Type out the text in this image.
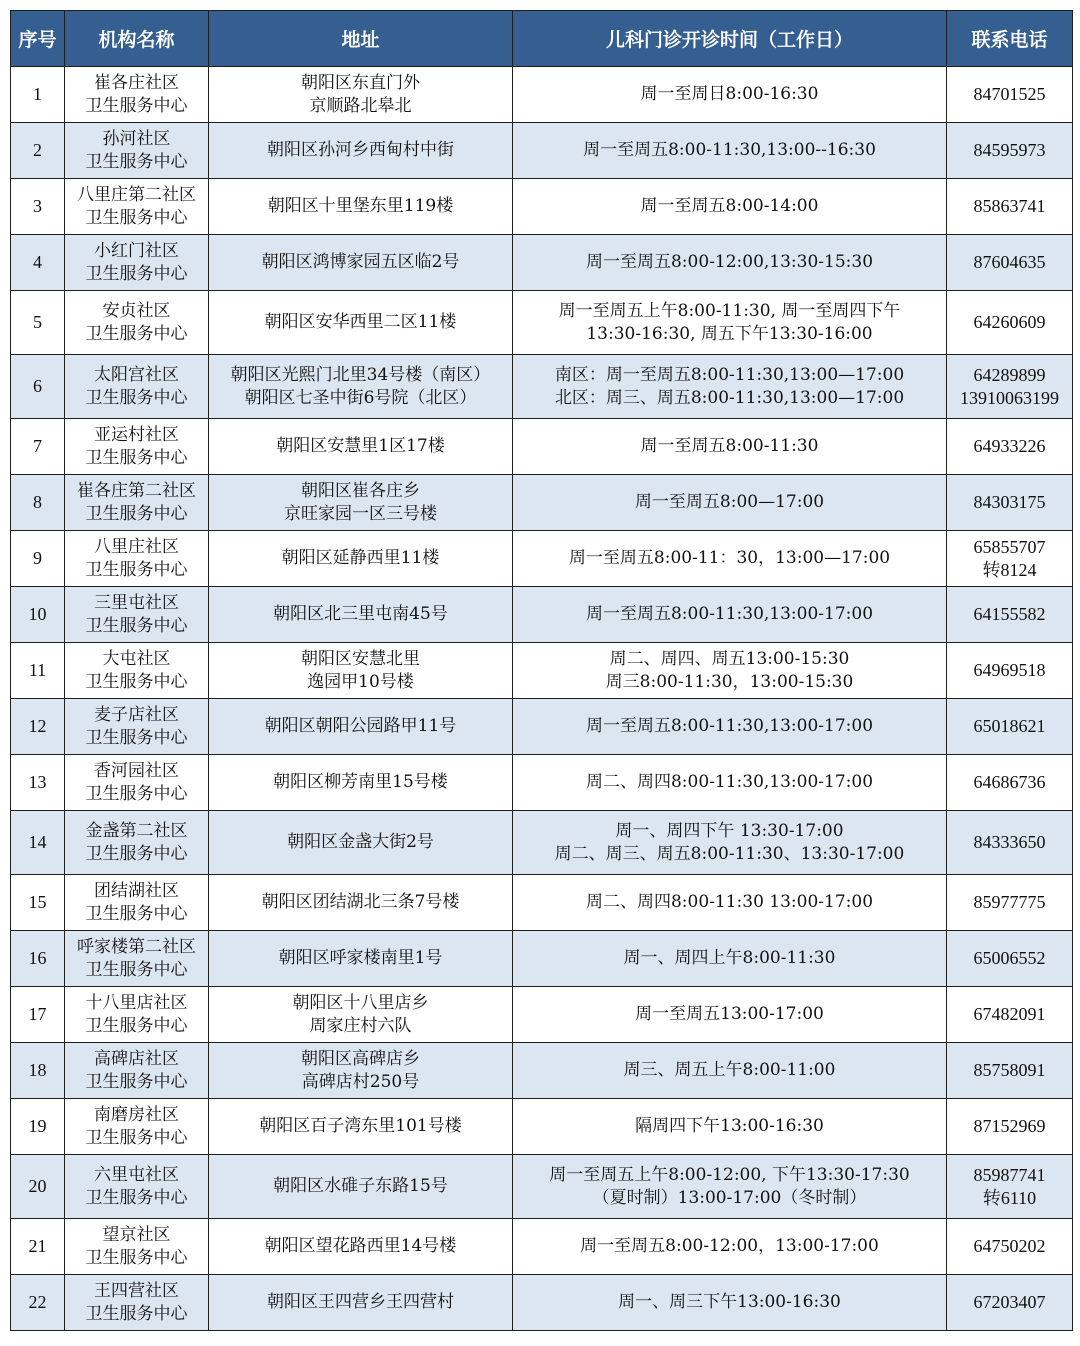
序号	机构名称	地址	儿科门诊开诊时间（工作日）	联系电话
1	崔各庄社区
卫生服务中心	朝阳区东直门外
京顺路北皋北	周一至周日8:00-16:30	84701525
2	孙河社区
卫生服务中心	朝阳区孙河乡西甸村中街	周一至周五8:00-11:30,13:00--16:30	84595973
3	八里庄第二社区
卫生服务中心	朝阳区十里堡东里119楼	周一至周五8:00-14:00	85863741
4	小红门社区
卫生服务中心	朝阳区鸿博家园五区临2号	周一至周五8:00-12:00,13:30-15:30	87604635
5	安贞社区
卫生服务中心	朝阳区安华西里二区11楼	周一至周五上午8:00-11:30, 周一至周四下午
13:30-16:30, 周五下午13:30-16:00	64260609
6	太阳宫社区
卫生服务中心	朝阳区光熙门北里34号楼（南区）
朝阳区七圣中街6号院（北区）	南区：周一至周五8:00-11:30,13:00—17:00
北区：周三、周五8:00-11:30,13:00—17:00	64289899
13910063199
7	亚运村社区
卫生服务中心	朝阳区安慧里1区17楼	周一至周五8:00-11:30	64933226
8	崔各庄第二社区
卫生服务中心	朝阳区崔各庄乡
京旺家园一区三号楼	周一至周五8:00—17:00	84303175
9	八里庄社区
卫生服务中心	朝阳区延静西里11楼	周一至周五8:00-11：30，13:00—17:00	65855707
转8124
10	三里屯社区
卫生服务中心	朝阳区北三里屯南45号	周一至周五8:00-11:30,13:00-17:00	64155582
11	大屯社区
卫生服务中心	朝阳区安慧北里
逸园甲10号楼	周二、周四、周五13:00-15:30
周三8:00-11:30，13:00-15:30	64969518
12	麦子店社区
卫生服务中心	朝阳区朝阳公园路甲11号	周一至周五8:00-11:30,13:00-17:00	65018621
13	香河园社区
卫生服务中心	朝阳区柳芳南里15号楼	周二、周四8:00-11:30,13:00-17:00	64686736
14	金盏第二社区
卫生服务中心	朝阳区金盏大街2号	周一、周四下午 13:30-17:00
周二、周三、周五8:00-11:30、13:30-17:00	84333650
15	团结湖社区
卫生服务中心	朝阳区团结湖北三条7号楼	周二、周四8:00-11:30 13:00-17:00	85977775
16	呼家楼第二社区
卫生服务中心	朝阳区呼家楼南里1号	周一、周四上午8:00-11:30	65006552
17	十八里店社区
卫生服务中心	朝阳区十八里店乡
周家庄村六队	周一至周五13:00-17:00	67482091
18	高碑店社区
卫生服务中心	朝阳区高碑店乡
高碑店村250号	周三、周五上午8:00-11:00	85758091
19	南磨房社区
卫生服务中心	朝阳区百子湾东里101号楼	隔周四下午13:00-16:30	87152969
20	六里屯社区
卫生服务中心	朝阳区水碓子东路15号	周一至周五上午8:00-12:00, 下午13:30-17:30
（夏时制）13:00-17:00（冬时制）	85987741
转6110
21	望京社区
卫生服务中心	朝阳区望花路西里14号楼	周一至周五8:00-12:00，13:00-17:00	64750202
22	王四营社区
卫生服务中心	朝阳区王四营乡王四营村	周一、周三下午13:00-16:30	67203407
